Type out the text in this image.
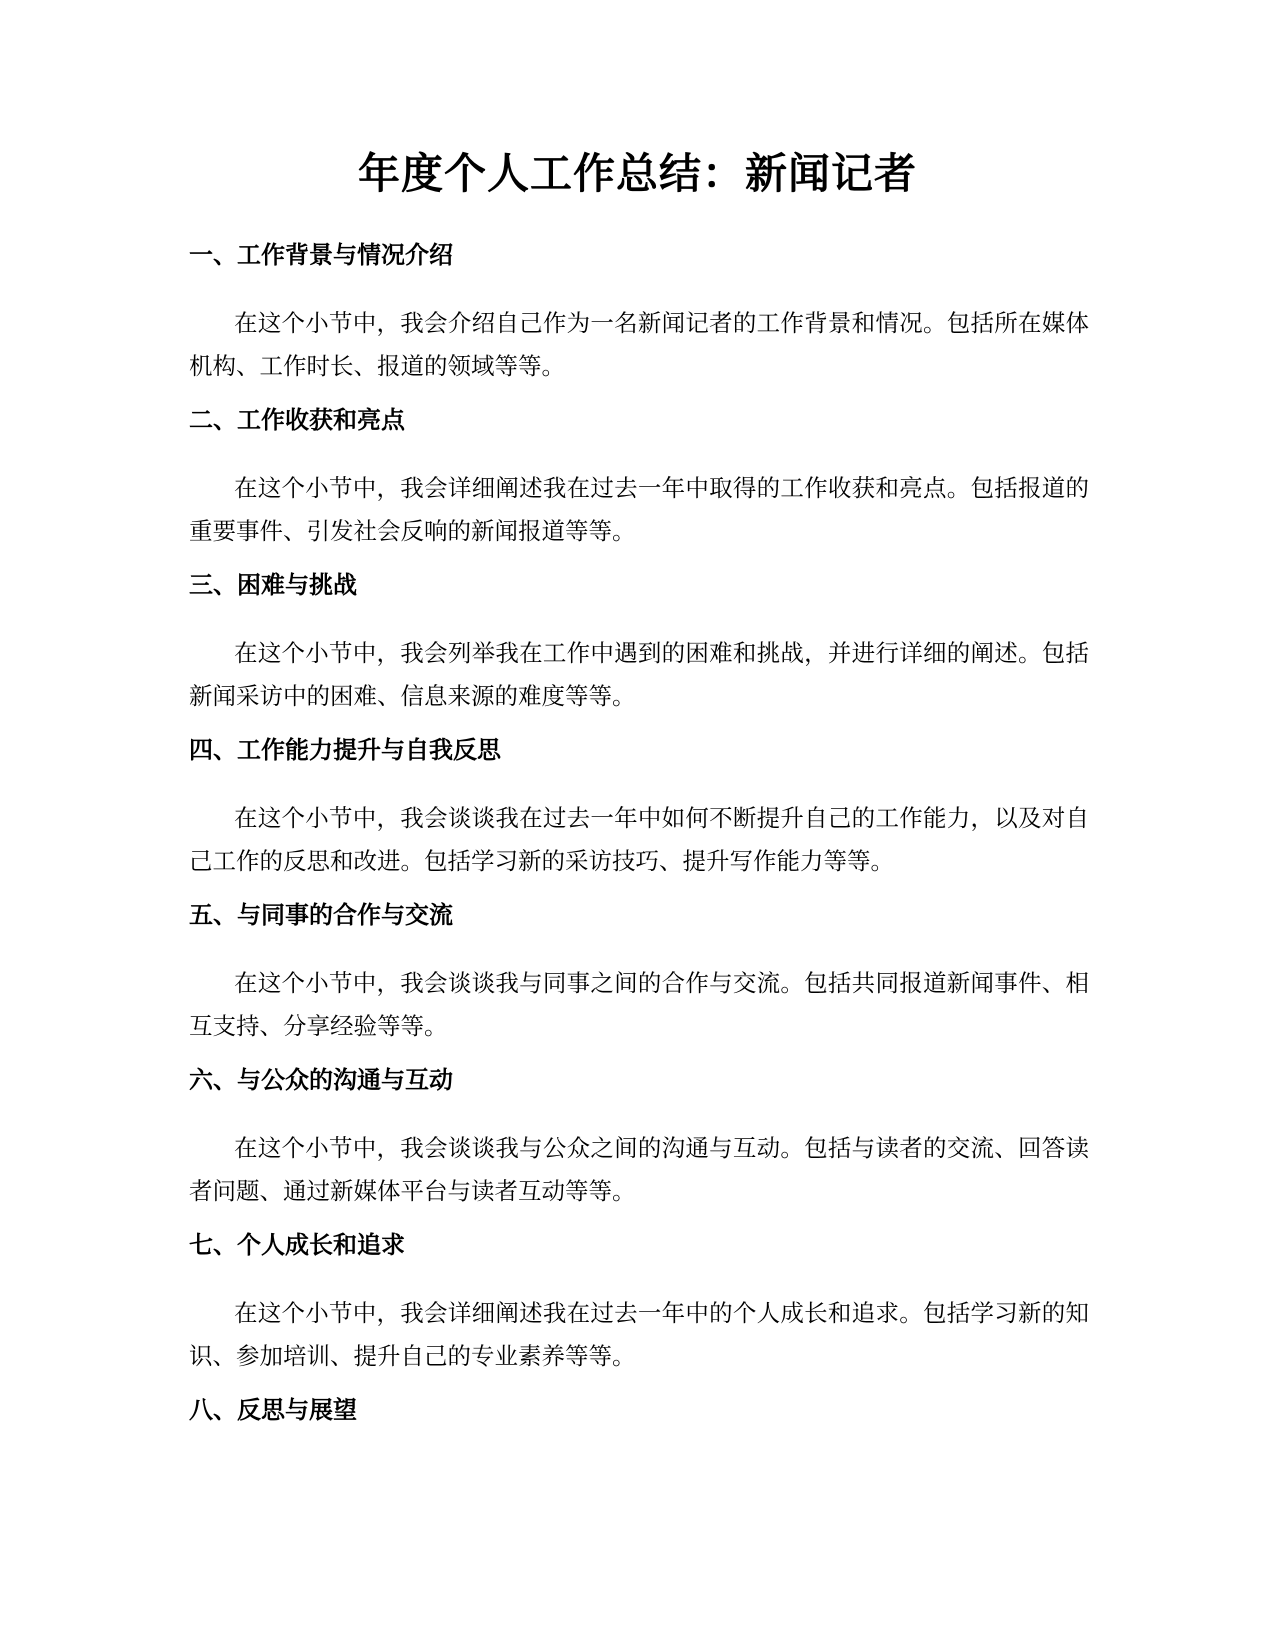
年度个人工作总结：新闻记者
一、工作背景与情况介绍

在这个小节中，我会介绍自己作为一名新闻记者的工作背景和情况。包括所在媒体机构、工作时长、报道的领域等等。

二、工作收获和亮点

在这个小节中，我会详细阐述我在过去一年中取得的工作收获和亮点。包括报道的重要事件、引发社会反响的新闻报道等等。

三、困难与挑战

在这个小节中，我会列举我在工作中遇到的困难和挑战，并进行详细的阐述。包括新闻采访中的困难、信息来源的难度等等。

四、工作能力提升与自我反思

在这个小节中，我会谈谈我在过去一年中如何不断提升自己的工作能力，以及对自己工作的反思和改进。包括学习新的采访技巧、提升写作能力等等。

五、与同事的合作与交流

在这个小节中，我会谈谈我与同事之间的合作与交流。包括共同报道新闻事件、相互支持、分享经验等等。

六、与公众的沟通与互动

在这个小节中，我会谈谈我与公众之间的沟通与互动。包括与读者的交流、回答读者问题、通过新媒体平台与读者互动等等。

七、个人成长和追求

在这个小节中，我会详细阐述我在过去一年中的个人成长和追求。包括学习新的知识、参加培训、提升自己的专业素养等等。

八、反思与展望
